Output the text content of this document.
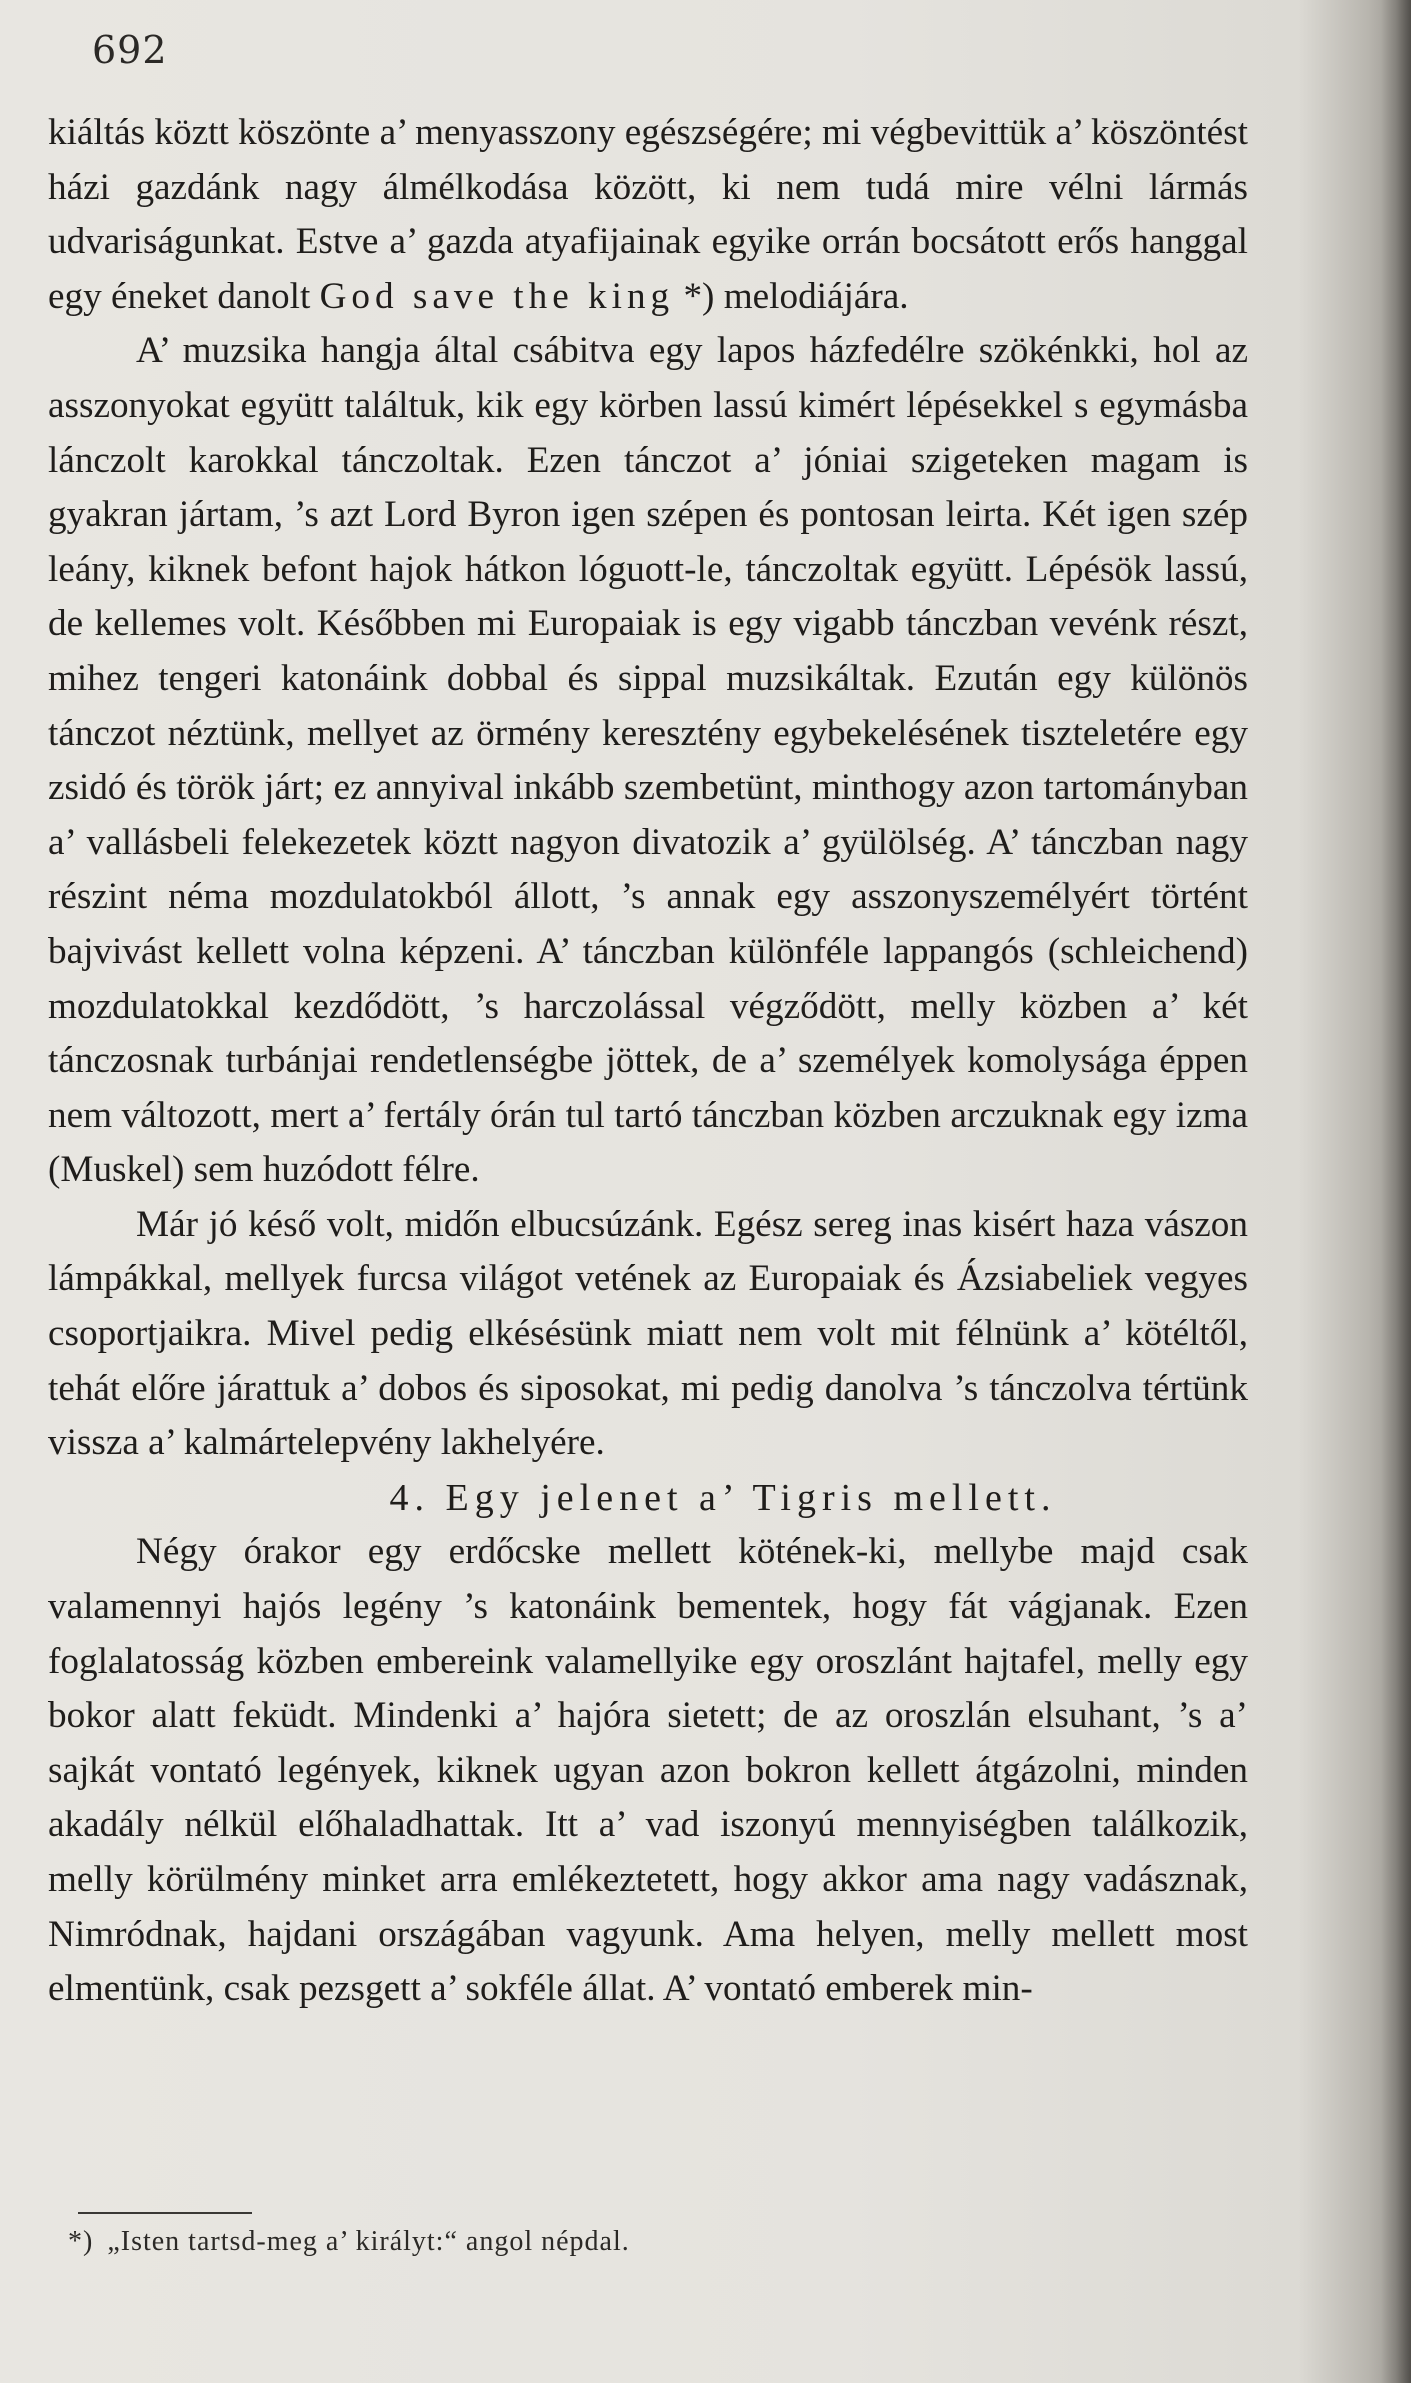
692

kiáltás köztt köszönte a’ menyasszony egészségére; mi végbevittük a’ köszöntést házi gazdánk nagy álmélkodása között, ki nem tudá mire vélni lármás udvariságunkat. Estve a’ gazda atyafijainak egyike orrán bocsátott erős hanggal egy éneket danolt God save the king *) melodiájára.

A’ muzsika hangja által csábitva egy lapos házfedélre szökénkki, hol az asszonyokat együtt találtuk, kik egy körben lassú kimért lépésekkel s egymásba lánczolt karokkal tánczoltak. Ezen tánczot a’ jóniai szigeteken magam is gyakran jártam, ’s azt Lord Byron igen szépen és pontosan leirta. Két igen szép leány, kiknek befont hajok hátkon lóguott-le, tánczoltak együtt. Lépésök lassú, de kellemes volt. Későbben mi Europaiak is egy vigabb tánczban vevénk részt, mihez tengeri katonáink dobbal és sippal muzsikáltak. Ezután egy különös tánczot néztünk, mellyet az örmény keresztény egybekelésének tiszteletére egy zsidó és török járt; ez annyival inkább szembetünt, minthogy azon tartományban a’ vallásbeli felekezetek köztt nagyon divatozik a’ gyülölség. A’ tánczban nagy részint néma mozdulatokból állott, ’s annak egy asszonyszemélyért történt bajvivást kellett volna képzeni. A’ tánczban különféle lappangós (schleichend) mozdulatokkal kezdődött, ’s harczolással végződött, melly közben a’ két tánczosnak turbánjai rendetlenségbe jöttek, de a’ személyek komolysága éppen nem változott, mert a’ fertály órán tul tartó tánczban közben arczuknak egy izma (Muskel) sem huzódott félre.

Már jó késő volt, midőn elbucsúzánk. Egész sereg inas kisért haza vászon lámpákkal, mellyek furcsa világot vetének az Europaiak és Ázsiabeliek vegyes csoportjaikra. Mivel pedig elkésésünk miatt nem volt mit félnünk a’ kötéltől, tehát előre járattuk a’ dobos és siposokat, mi pedig danolva ’s tánczolva tértünk vissza a’ kalmártelepvény lakhelyére.

4. Egy jelenet a’ Tigris mellett.

Négy órakor egy erdőcske mellett kötének-ki, mellybe majd csak valamennyi hajós legény ’s katonáink bementek, hogy fát vágjanak. Ezen foglalatosság közben embereink valamellyike egy oroszlánt hajtafel, melly egy bokor alatt feküdt. Mindenki a’ hajóra sietett; de az oroszlán elsuhant, ’s a’ sajkát vontató legények, kiknek ugyan azon bokron kellett átgázolni, minden akadály nélkül előhaladhattak. Itt a’ vad iszonyú mennyiségben találkozik, melly körülmény minket arra emlékeztetett, hogy akkor ama nagy vadásznak, Nimródnak, hajdani országában vagyunk. Ama helyen, melly mellett most elmentünk, csak pezsgett a’ sokféle állat. A’ vontató emberek min-

*) „Isten tartsd-meg a’ királyt:“ angol népdal.
